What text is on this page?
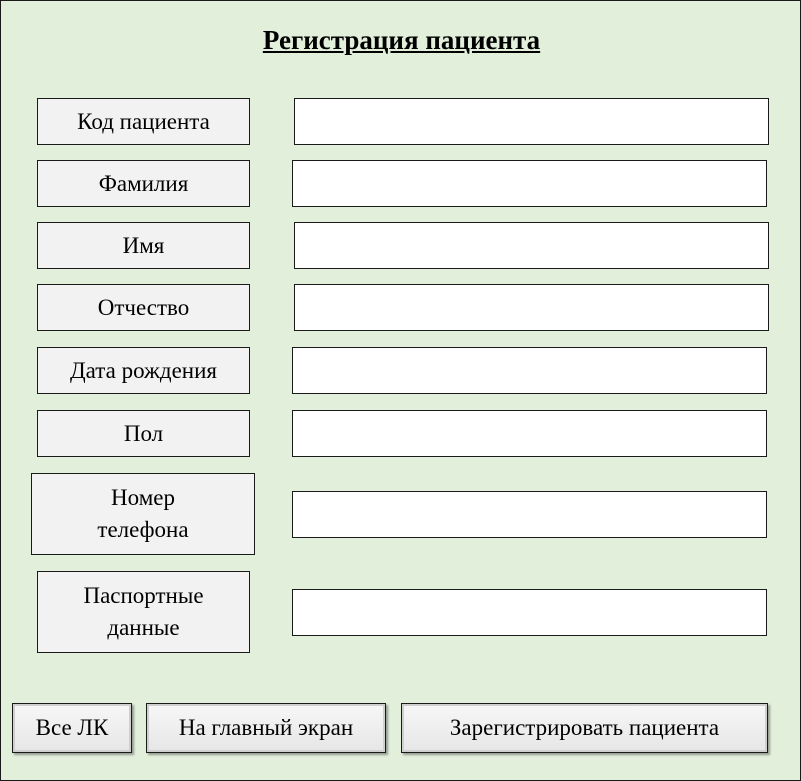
Регистрация пациента
Код пациента
Фамилия
Имя
Отчество
Дата рождения
Пол
Номер
телефона
Паспортные
данные
Все ЛК	На главный экран	Зарегистрировать пациента
